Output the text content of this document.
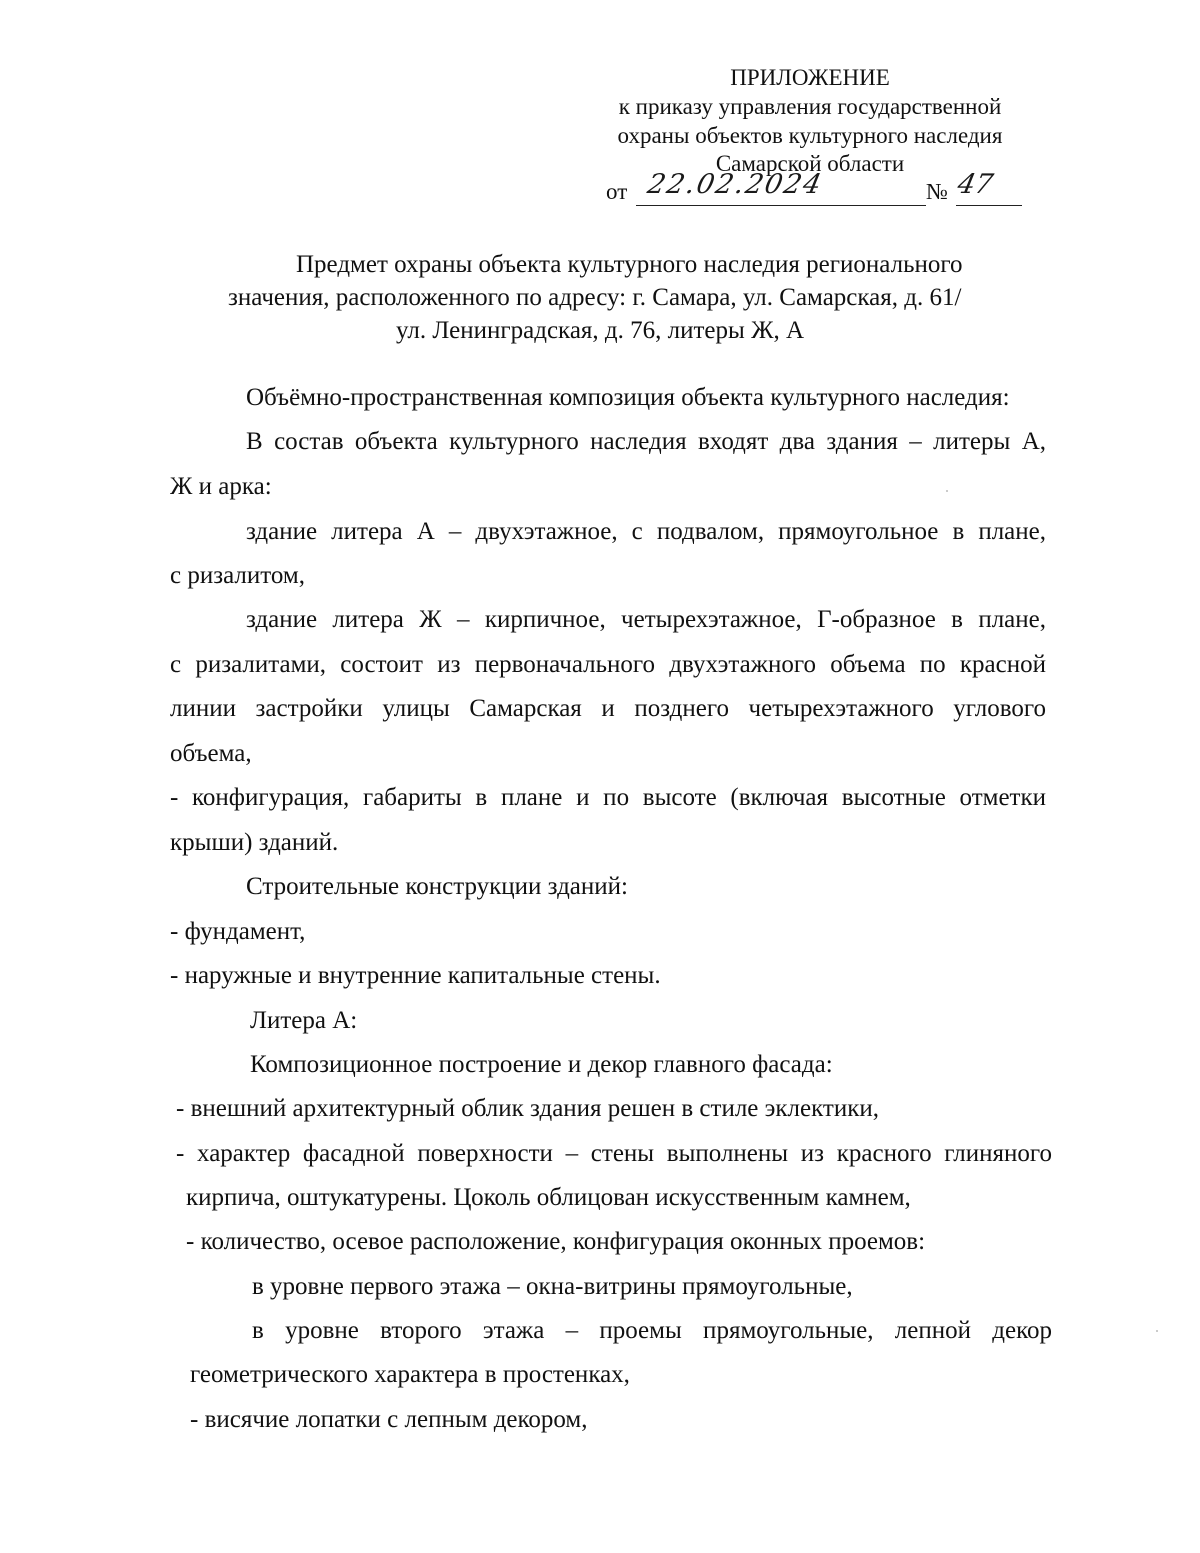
ПРИЛОЖЕНИЕ
к приказу управления государственной
охраны объектов культурного наследия
Самарской области
от 22.02.2024	№ 47
Предмет охраны объекта культурного наследия регионального
значения, расположенного по адресу: г. Самара, ул. Самарская, д. 61/
ул. Ленинградская, д. 76, литеры Ж, А
Объёмно-пространственная композиция объекта культурного наследия:
В состав объекта культурного наследия входят два здания – литеры А,
Ж и арка:
здание литера А – двухэтажное, с подвалом, прямоугольное в плане,
с ризалитом,
здание литера Ж – кирпичное, четырехэтажное, Г-образное в плане,
с ризалитами, состоит из первоначального двухэтажного объема по красной
линии застройки улицы Самарская и позднего четырехэтажного углового
объема,
- конфигурация, габариты в плане и по высоте (включая высотные отметки
крыши) зданий.
Строительные конструкции зданий:
- фундамент,
- наружные и внутренние капитальные стены.
Литера А:
Композиционное построение и декор главного фасада:
- внешний архитектурный облик здания решен в стиле эклектики,
- характер фасадной поверхности – стены выполнены из красного глиняного
кирпича, оштукатурены. Цоколь облицован искусственным камнем,
- количество, осевое расположение, конфигурация оконных проемов:
в уровне первого этажа – окна-витрины прямоугольные,
в уровне второго этажа – проемы прямоугольные, лепной декор
геометрического характера в простенках,
- висячие лопатки с лепным декором,
